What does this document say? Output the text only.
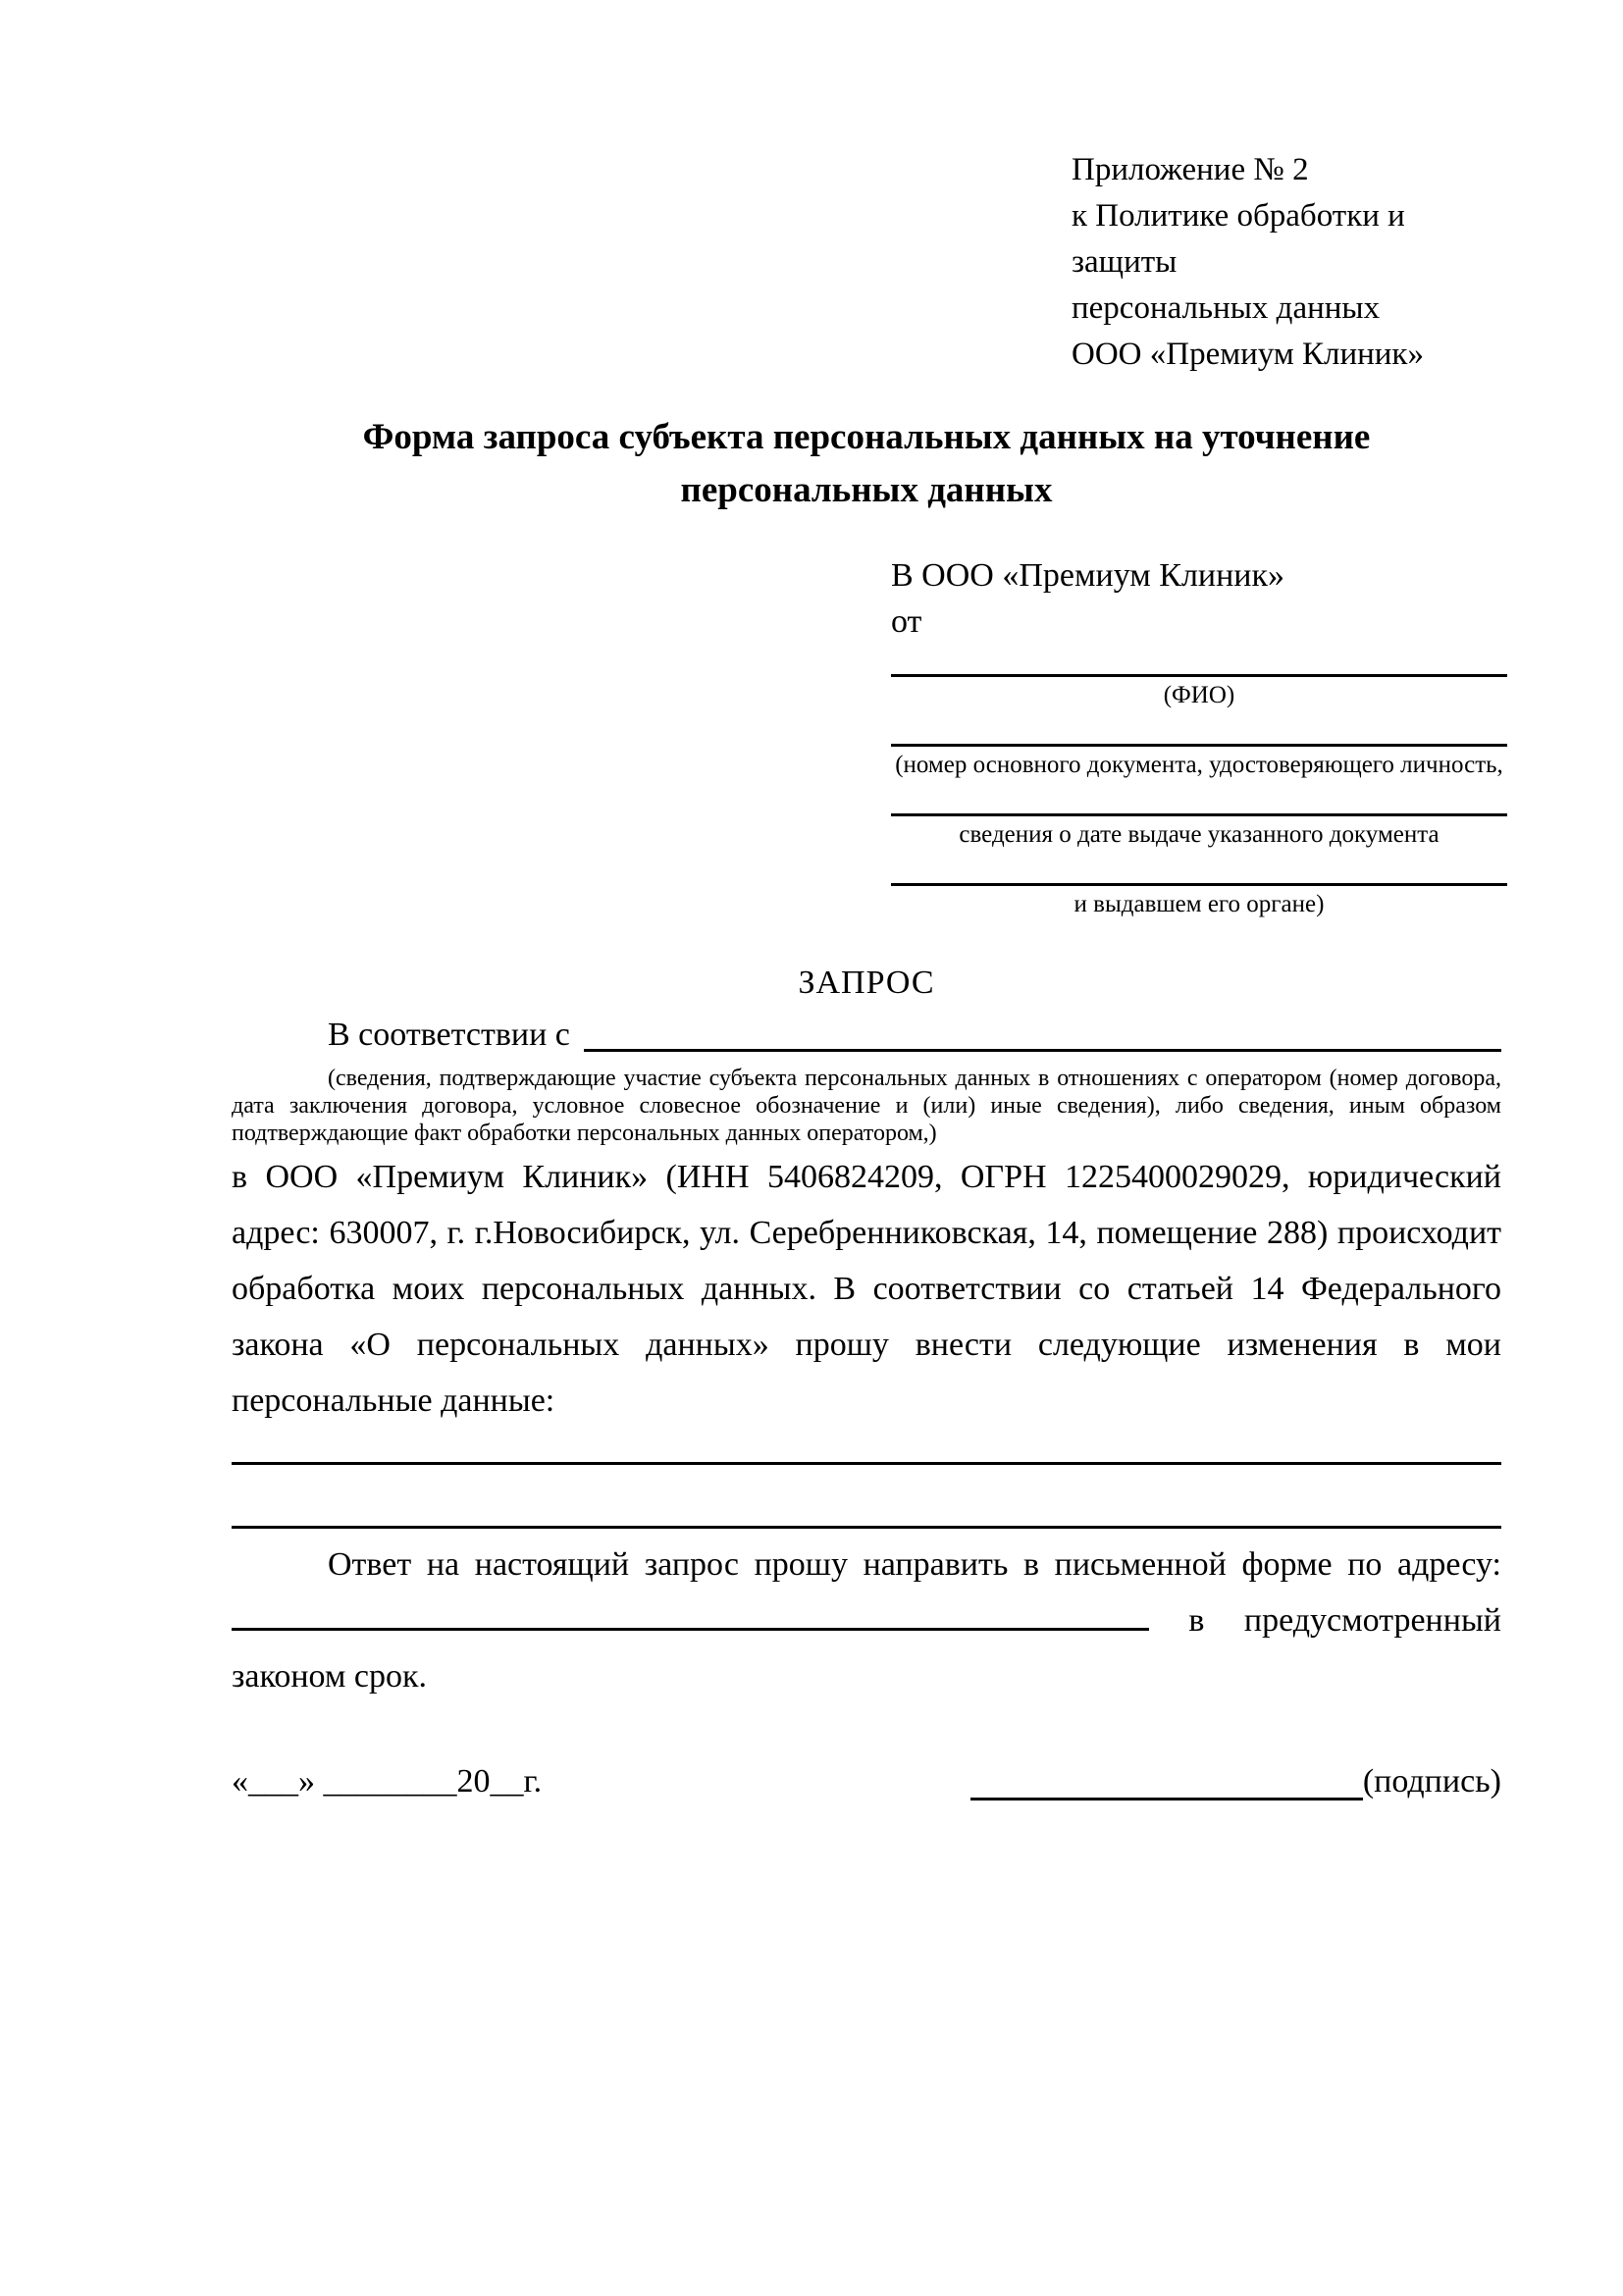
Приложение № 2
к Политике обработки и защиты
персональных данных
ООО «Премиум Клиник»
Форма запроса субъекта персональных данных на уточнение персональных данных
В ООО «Премиум Клиник»
от
(ФИО)
(номер основного документа, удостоверяющего личность,
сведения о дате выдаче указанного документа
и выдавшем его органе)
ЗАПРОС
В соответствии с
(сведения, подтверждающие участие субъекта персональных данных в отношениях с оператором (номер договора, дата заключения договора, условное словесное обозначение и (или) иные сведения), либо сведения, иным образом подтверждающие факт обработки персональных данных оператором,)

в ООО «Премиум Клиник» (ИНН 5406824209, ОГРН 1225400029029, юридический адрес: 630007, г. г.Новосибирск, ул. Серебренниковская, 14, помещение 288) происходит обработка моих персональных данных. В соответствии со статьей 14 Федерального закона «О персональных данных» прошу внести следующие изменения в мои персональные данные:

Ответ на настоящий запрос прошу направить в письменной форме по адресу:  в предусмотренный законом срок.

«___» ________20__г.	(подпись)
